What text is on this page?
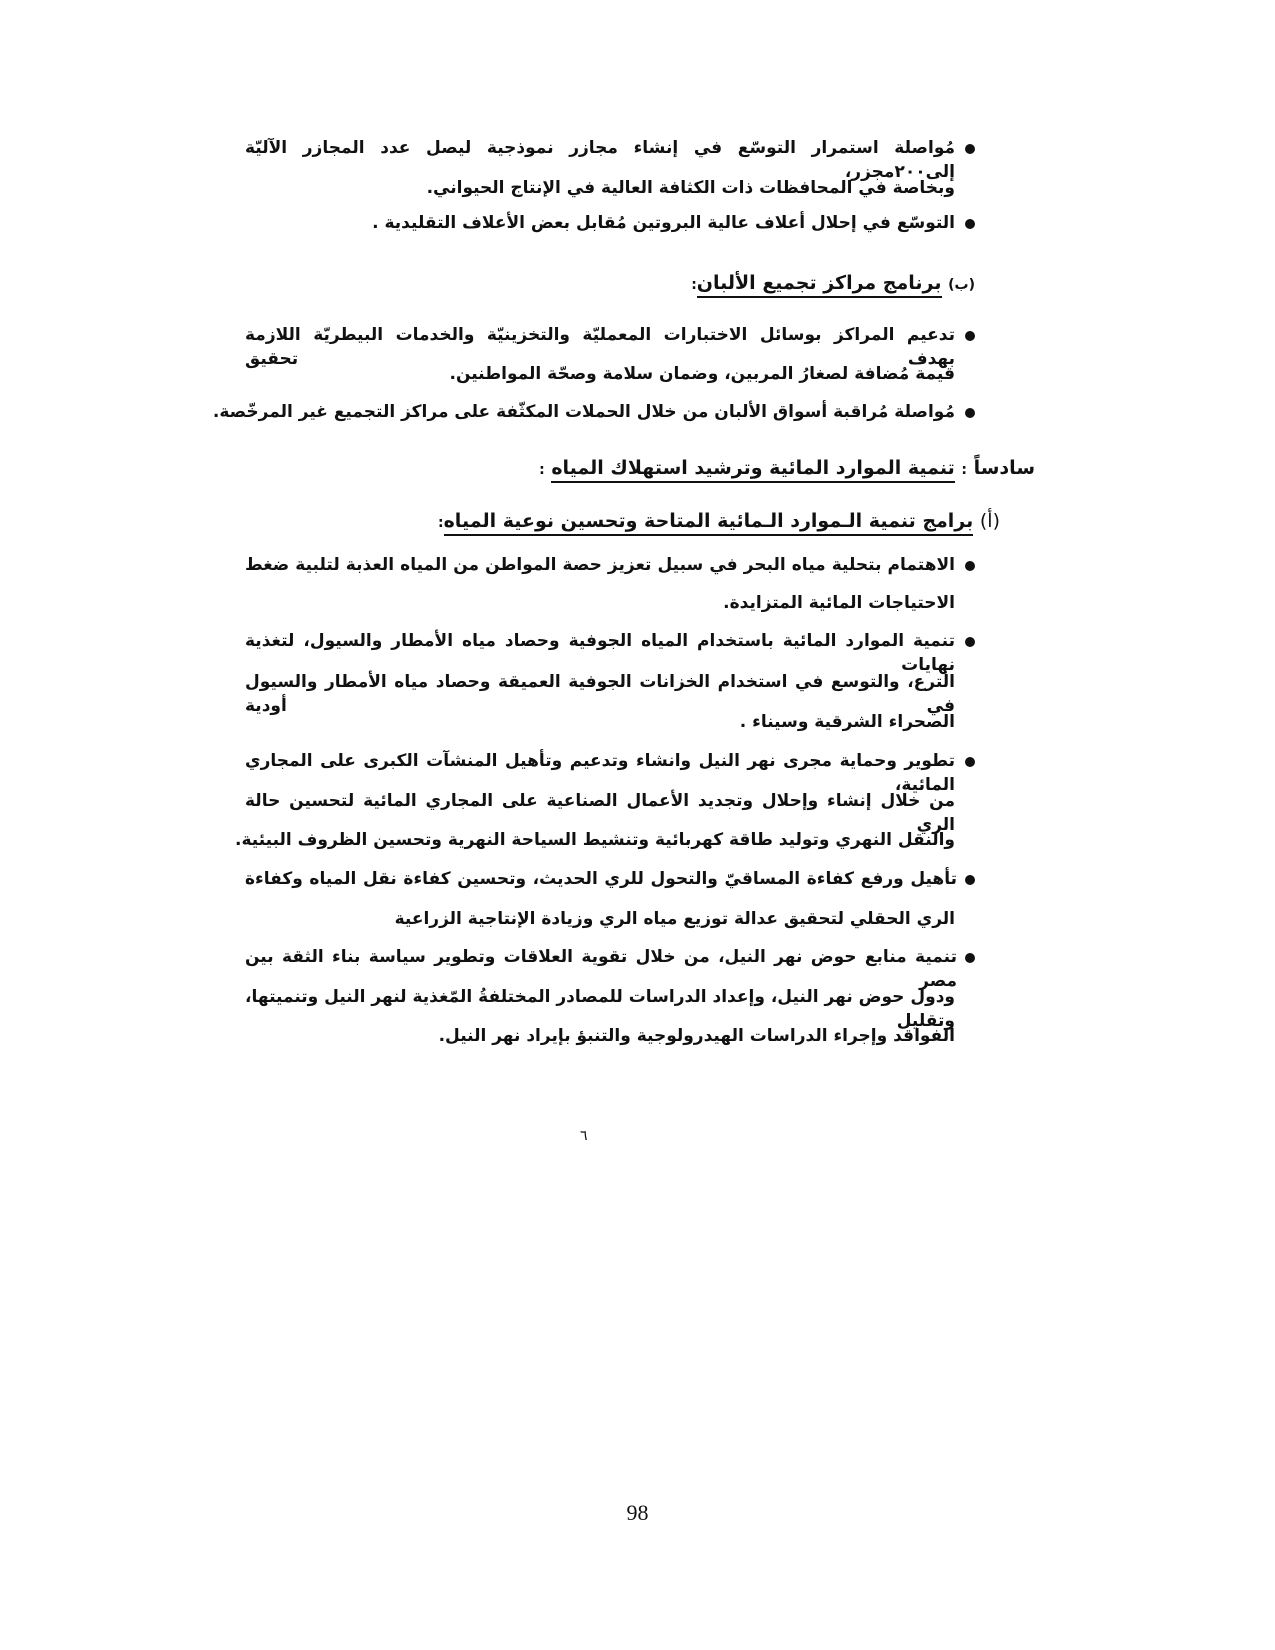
مُواصلة استمرار التوسّع في إنشاء مجازر نموذجية ليصل عدد المجازر الآليّة إلى٢٠٠مجزر،
وبخاصة في المحافظات ذات الكثافة العالية في الإنتاج الحيواني.
التوسّع في إحلال أعلاف عالية البروتين مُقابل بعض الأعلاف التقليدية .
(ب) برنامج مراكز تجميع الألبان:
تدعيم المراكز بوسائل الاختبارات المعمليّة والتخزينيّة والخدمات البيطريّة اللازمة بهدف تحقيق
قيمة مُضافة لصغارُ المربين، وضمان سلامة وصحّة المواطنين.
مُواصلة مُراقبة أسواق الألبان من خلال الحملات المكثّفة على مراكز التجميع غير المرخّصة.
سادساً : تنمية الموارد المائية وترشيد استهلاك المياه :
(أ) برامج تنمية الـموارد الـمائية المتاحة وتحسين نوعية المياه:
الاهتمام بتحلية مياه البحر في سبيل تعزيز حصة المواطن من المياه العذبة لتلبية ضغط
الاحتياجات المائية المتزايدة.
تنمية الموارد المائية باستخدام المياه الجوفية وحصاد مياه الأمطار والسيول، لتغذية نهايات
الترع، والتوسع في استخدام الخزانات الجوفية العميقة وحصاد مياه الأمطار والسيول في أودية
الصحراء الشرقية وسيناء .
تطوير وحماية مجرى نهر النيل وانشاء وتدعيم وتأهيل المنشآت الكبرى على المجاري المائية،
من خلال إنشاء وإحلال وتجديد الأعمال الصناعية على المجاري المائية لتحسين حالة الري
والنقل النهري وتوليد طاقة كهربائية وتنشيط السياحة النهرية وتحسين الظروف البيئية.
تأهيل ورفع كفاءة المساقيّ والتحول للري الحديث، وتحسين كفاءة نقل المياه وكفاءة
الري الحقلي لتحقيق عدالة توزيع مياه الري وزيادة الإنتاجية الزراعية
تنمية منابع حوض نهر النيل، من خلال تقوية العلاقات وتطوير سياسة بناء الثقة بين مصر
ودول حوض نهر النيل، وإعداد الدراسات للمصادر المختلفةُ المّغذية لنهر النيل وتنميتها، وتقليل
الفواقد وإجراء الدراسات الهيدرولوجية والتنبؤ بإيراد نهر النيل.
٦
98
